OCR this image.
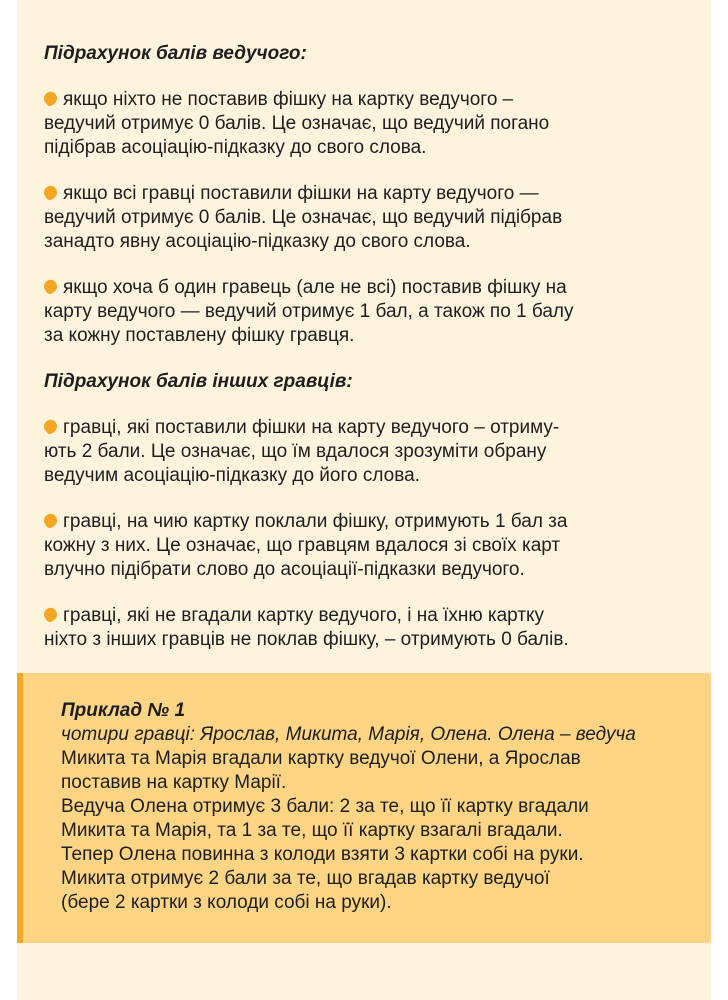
Підрахунок балів ведучого:
якщо ніхто не поставив фішку на картку ведучого –
ведучий отримує 0 балів. Це означає, що ведучий погано
підібрав асоціацію-підказку до свого слова.
якщо всі гравці поставили фішки на карту ведучого —
ведучий отримує 0 балів. Це означає, що ведучий підібрав
занадто явну асоціацію-підказку до свого слова.
якщо хоча б один гравець (але не всі) поставив фішку на
карту ведучого — ведучий отримує 1 бал, а також по 1 балу
за кожну поставлену фішку гравця.
Підрахунок балів інших гравців:
гравці, які поставили фішки на карту ведучого – отриму-
ють 2 бали. Це означає, що їм вдалося зрозуміти обрану
ведучим асоціацію-підказку до його слова.
гравці, на чию картку поклали фішку, отримують 1 бал за
кожну з них. Це означає, що гравцям вдалося зі своїх карт
влучно підібрати слово до асоціації-підказки ведучого.
гравці, які не вгадали картку ведучого, і на їхню картку
ніхто з інших гравців не поклав фішку, – отримують 0 балів.
Приклад № 1
чотири гравці: Ярослав, Микита, Марія, Олена. Олена – ведуча
Микита та Марія вгадали картку ведучої Олени, а Ярослав
поставив на картку Марії.
Ведуча Олена отримує 3 бали: 2 за те, що її картку вгадали
Микита та Марія, та 1 за те, що її картку взагалі вгадали.
Тепер Олена повинна з колоди взяти 3 картки собі на руки.
Микита отримує 2 бали за те, що вгадав картку ведучої
(бере 2 картки з колоди собі на руки).
